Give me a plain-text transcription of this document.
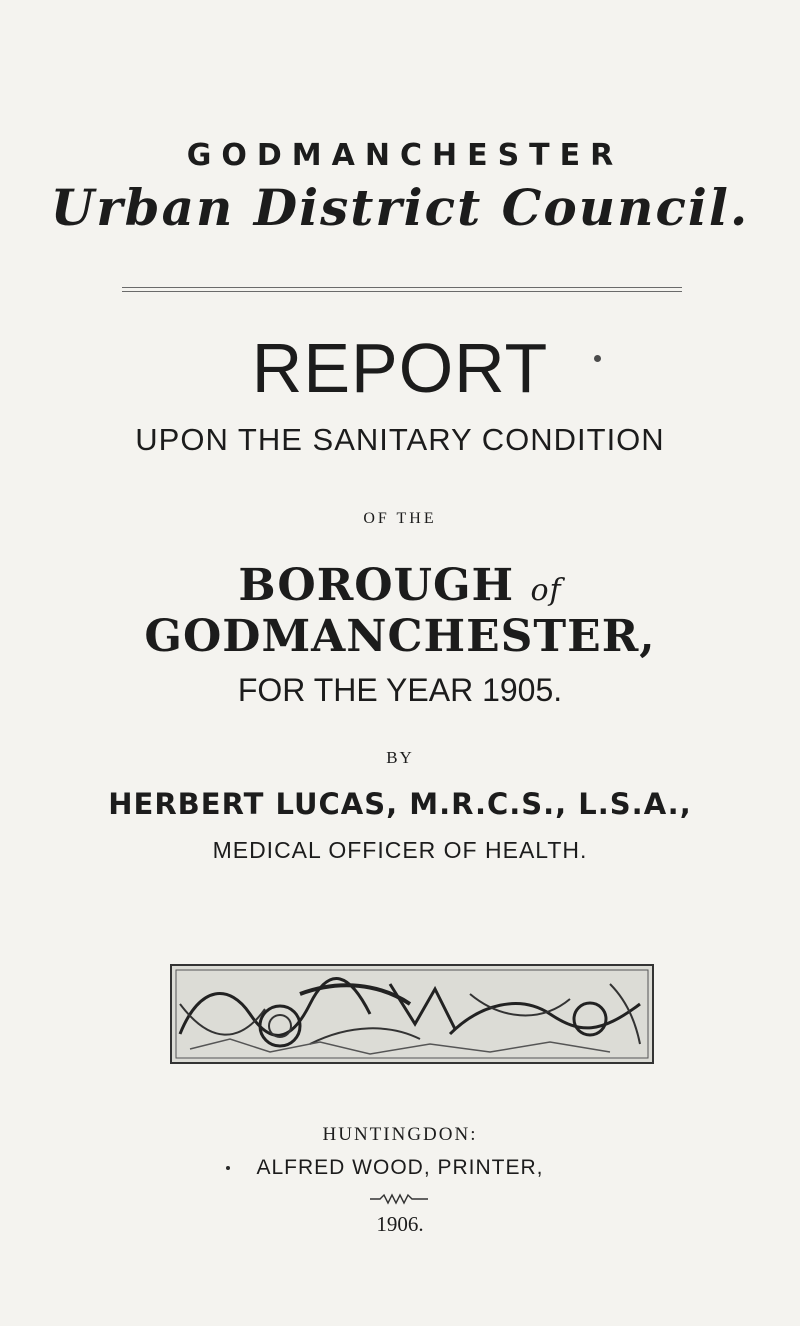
GODMANCHESTER
Urban District Council.
REPORT
UPON THE SANITARY CONDITION
OF THE
BOROUGH of GODMANCHESTER,
FOR THE YEAR 1905.
BY
HERBERT LUCAS, M.R.C.S., L.S.A.,
MEDICAL OFFICER OF HEALTH.
HUNTINGDON:
ALFRED WOOD, PRINTER,
1906.
